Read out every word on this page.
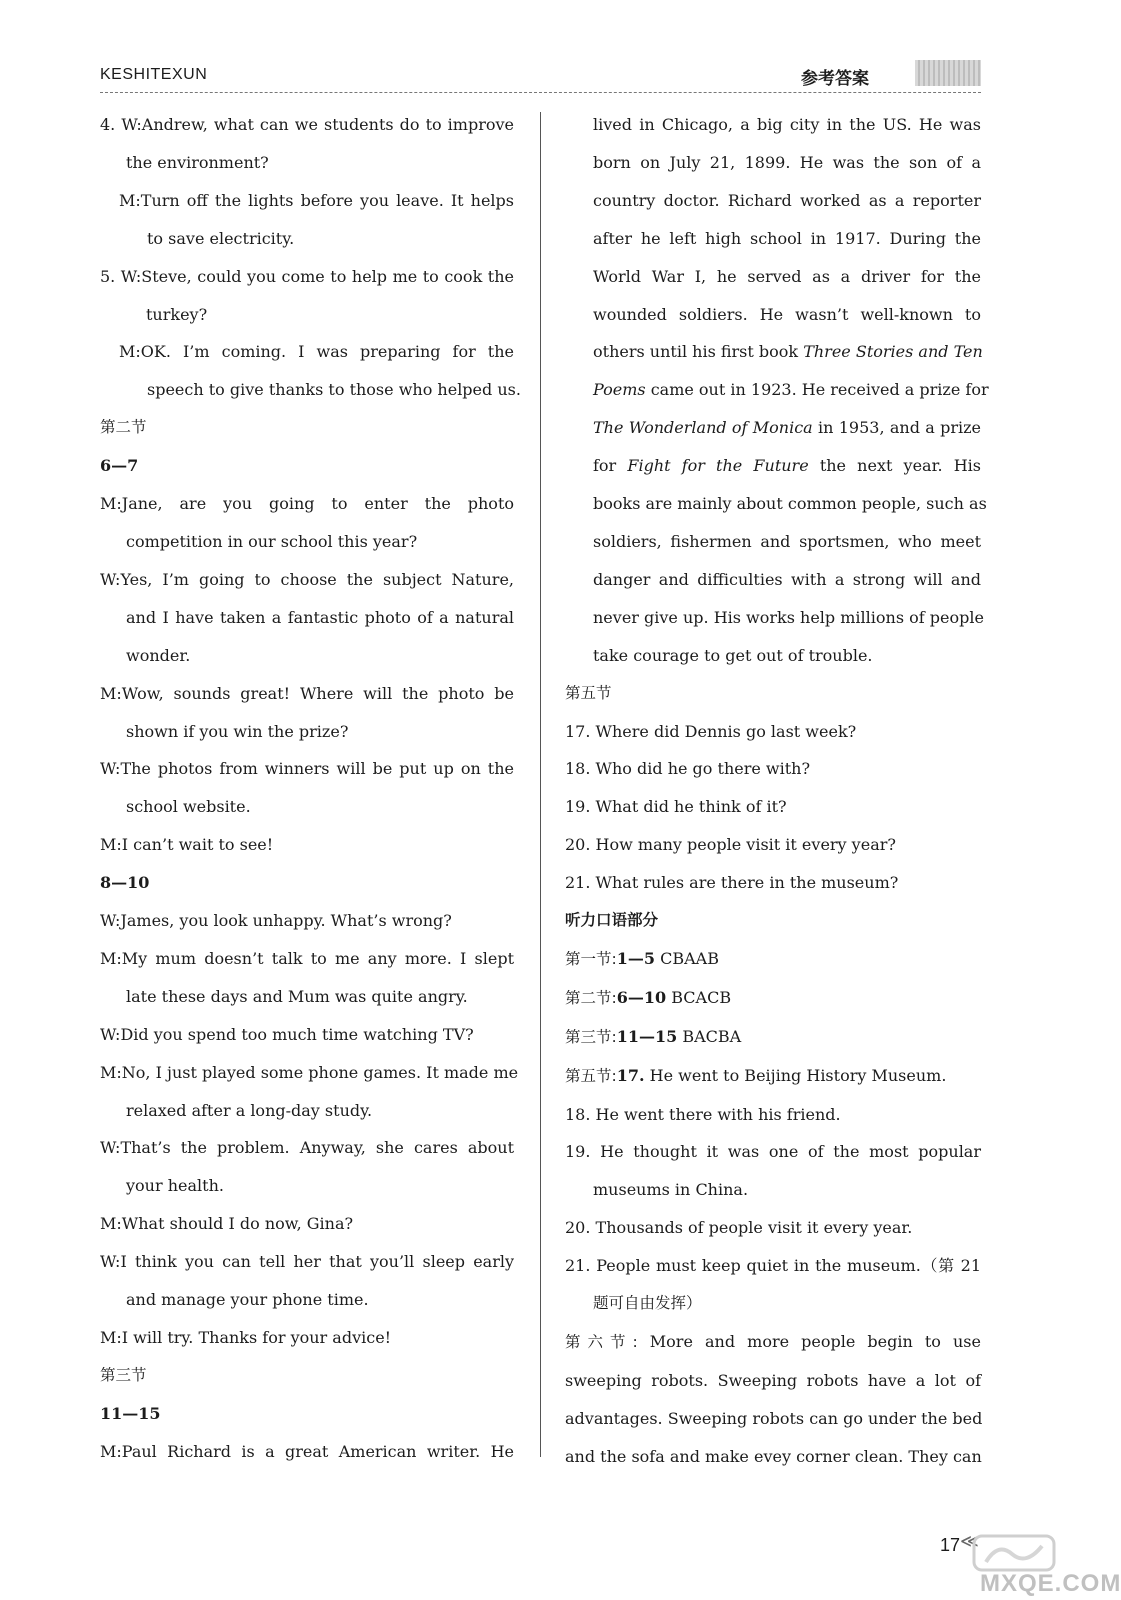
KESHITEXUN	参考答案
4. W:Andrew, what can we students do to improve
the environment?
M:Turn off the lights before you leave. It helps
to save electricity.
5. W:Steve, could you come to help me to cook the
turkey?
M:OK. I’m coming. I was preparing for the
speech to give thanks to those who helped us.
第二节
6—7
M:Jane, are you going to enter the photo
competition in our school this year?
W:Yes, I’m going to choose the subject Nature,
and I have taken a fantastic photo of a natural
wonder.
M:Wow, sounds great! Where will the photo be
shown if you win the prize?
W:The photos from winners will be put up on the
school website.
M:I can’t wait to see!
8—10
W:James, you look unhappy. What’s wrong?
M:My mum doesn’t talk to me any more. I slept
late these days and Mum was quite angry.
W:Did you spend too much time watching TV?
M:No, I just played some phone games. It made me
relaxed after a long-day study.
W:That’s the problem. Anyway, she cares about
your health.
M:What should I do now, Gina?
W:I think you can tell her that you’ll sleep early
and manage your phone time.
M:I will try. Thanks for your advice!
第三节
11—15
M:Paul Richard is a great American writer. He
lived in Chicago, a big city in the US. He was
born on July 21, 1899. He was the son of a
country doctor. Richard worked as a reporter
after he left high school in 1917. During the
World War I, he served as a driver for the
wounded soldiers. He wasn’t well-known to
others until his first book Three Stories and Ten
Poems came out in 1923. He received a prize for
The Wonderland of Monica in 1953, and a prize
for Fight for the Future the next year. His
books are mainly about common people, such as
soldiers, fishermen and sportsmen, who meet
danger and difficulties with a strong will and
never give up. His works help millions of people
take courage to get out of trouble.
第五节
17. Where did Dennis go last week?
18. Who did he go there with?
19. What did he think of it?
20. How many people visit it every year?
21. What rules are there in the museum?
听力口语部分
第一节:1—5 CBAAB
第二节:6—10 BCACB
第三节:11—15 BACBA
第五节:17. He went to Beijing History Museum.
18. He went there with his friend.
19. He thought it was one of the most popular
museums in China.
20. Thousands of people visit it every year.
21. People must keep quiet in the museum.（第 21
题可自由发挥）
第六节: More and more people begin to use
sweeping robots. Sweeping robots have a lot of
advantages. Sweeping robots can go under the bed
and the sofa and make evey corner clean. They can
17 ≪
MXQE.COM
